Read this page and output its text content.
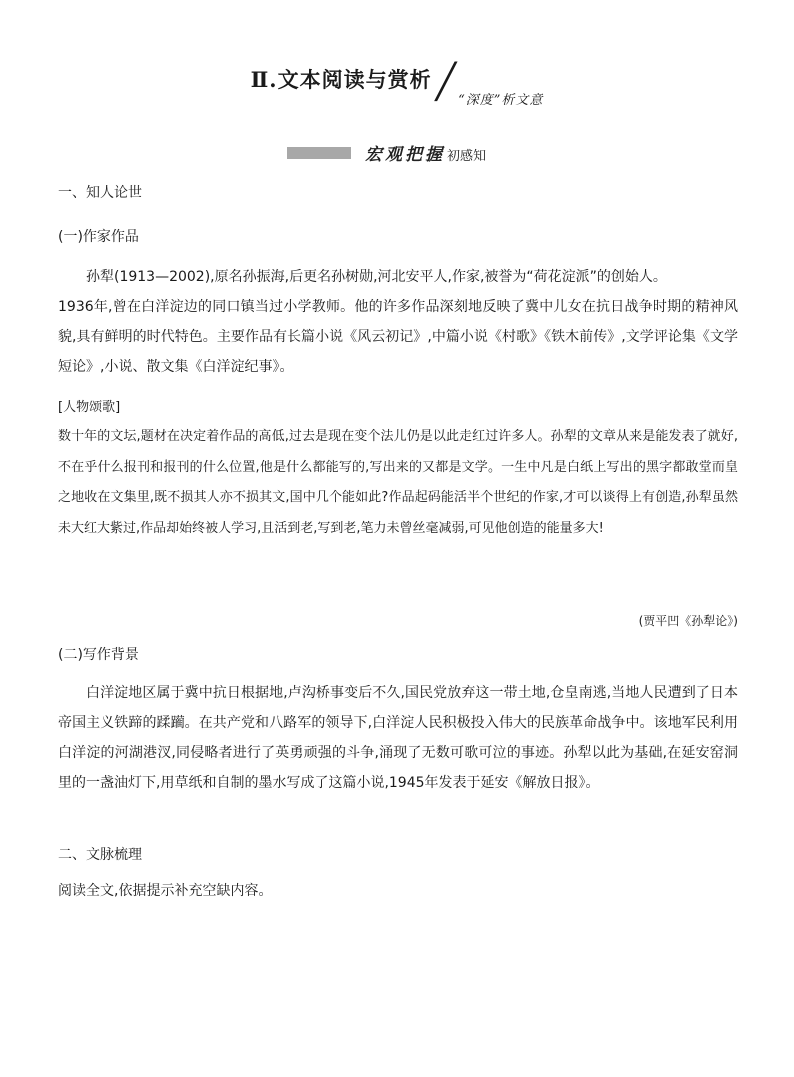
Ⅱ.文本阅读与赏析 ╱ “深度”析文意
宏观把握 初感知
一、知人论世
(一)作家作品

孙犁(1913—2002),原名孙振海,后更名孙树勋,河北安平人,作家,被誉为“荷花淀派”的创始人。

1936年,曾在白洋淀边的同口镇当过小学教师。他的许多作品深刻地反映了冀中儿女在抗日战争时期的精神风貌,具有鲜明的时代特色。主要作品有长篇小说《风云初记》,中篇小说《村歌》《铁木前传》,文学评论集《文学短论》,小说、散文集《白洋淀纪事》。

[人物颂歌]
数十年的文坛,题材在决定着作品的高低,过去是现在变个法儿仍是以此走红过许多人。孙犁的文章从来是能发表了就好,不在乎什么报刊和报刊的什么位置,他是什么都能写的,写出来的又都是文学。一生中凡是白纸上写出的黑字都敢堂而皇之地收在文集里,既不损其人亦不损其文,国中几个能如此?作品起码能活半个世纪的作家,才可以谈得上有创造,孙犁虽然未大红大紫过,作品却始终被人学习,且活到老,写到老,笔力未曾丝毫减弱,可见他创造的能量多大!
(贾平凹《孙犁论》)
(二)写作背景

白洋淀地区属于冀中抗日根据地,卢沟桥事变后不久,国民党放弃这一带土地,仓皇南逃,当地人民遭到了日本帝国主义铁蹄的蹂躏。在共产党和八路军的领导下,白洋淀人民积极投入伟大的民族革命战争中。该地军民利用白洋淀的河湖港汊,同侵略者进行了英勇顽强的斗争,涌现了无数可歌可泣的事迹。孙犁以此为基础,在延安窑洞里的一盏油灯下,用草纸和自制的墨水写成了这篇小说,1945年发表于延安《解放日报》。

二、文脉梳理
阅读全文,依据提示补充空缺内容。
